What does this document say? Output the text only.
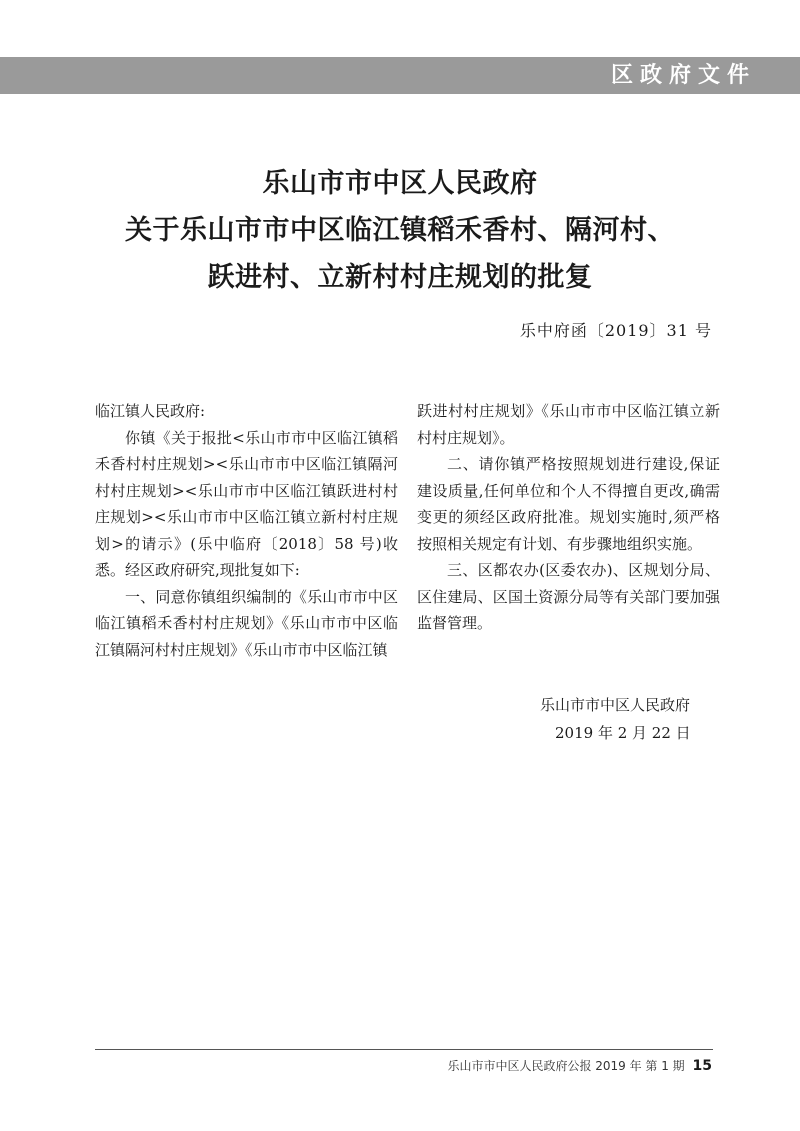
区政府文件
乐山市市中区人民政府
关于乐山市市中区临江镇稻禾香村、隔河村、
跃进村、立新村村庄规划的批复
乐中府函〔2019〕31 号

临江镇人民政府:

你镇《关于报批<乐山市市中区临江镇稻禾香村村庄规划><乐山市市中区临江镇隔河村村庄规划><乐山市市中区临江镇跃进村村庄规划><乐山市市中区临江镇立新村村庄规划>的请示》(乐中临府〔2018〕58 号)收悉。经区政府研究,现批复如下:

一、同意你镇组织编制的《乐山市市中区临江镇稻禾香村村庄规划》《乐山市市中区临江镇隔河村村庄规划》《乐山市市中区临江镇

跃进村村庄规划》《乐山市市中区临江镇立新村村庄规划》。

二、请你镇严格按照规划进行建设,保证建设质量,任何单位和个人不得擅自更改,确需变更的须经区政府批准。规划实施时,须严格按照相关规定有计划、有步骤地组织实施。

三、区都农办(区委农办)、区规划分局、区住建局、区国土资源分局等有关部门要加强监督管理。

乐山市市中区人民政府
2019 年 2 月 22 日
乐山市市中区人民政府公报 2019 年 第 1 期 15
